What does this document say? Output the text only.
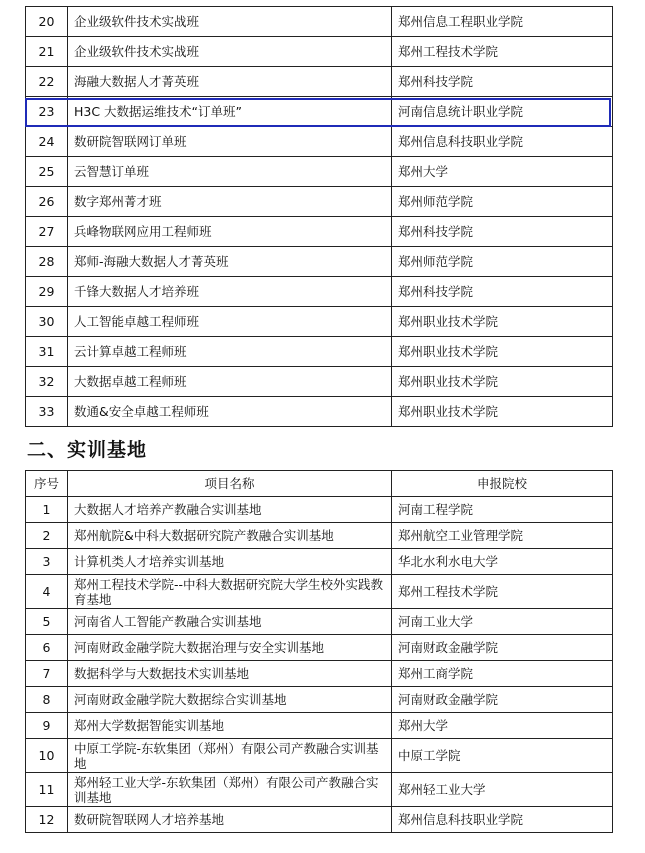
20	企业级软件技术实战班	郑州信息工程职业学院
21	企业级软件技术实战班	郑州工程技术学院
22	海融大数据人才菁英班	郑州科技学院
23	H3C 大数据运维技术“订单班”	河南信息统计职业学院
24	数研院智联网订单班	郑州信息科技职业学院
25	云智慧订单班	郑州大学
26	数字郑州菁才班	郑州师范学院
27	兵峰物联网应用工程师班	郑州科技学院
28	郑师-海融大数据人才菁英班	郑州师范学院
29	千锋大数据人才培养班	郑州科技学院
30	人工智能卓越工程师班	郑州职业技术学院
31	云计算卓越工程师班	郑州职业技术学院
32	大数据卓越工程师班	郑州职业技术学院
33	数通&安全卓越工程师班	郑州职业技术学院
二、实训基地
序号	项目名称	申报院校
1	大数据人才培养产教融合实训基地	河南工程学院
2	郑州航院&中科大数据研究院产教融合实训基地	郑州航空工业管理学院
3	计算机类人才培养实训基地	华北水利水电大学
4	郑州工程技术学院--中科大数据研究院大学生校外实践教育基地	郑州工程技术学院
5	河南省人工智能产教融合实训基地	河南工业大学
6	河南财政金融学院大数据治理与安全实训基地	河南财政金融学院
7	数据科学与大数据技术实训基地	郑州工商学院
8	河南财政金融学院大数据综合实训基地	河南财政金融学院
9	郑州大学数据智能实训基地	郑州大学
10	中原工学院-东软集团（郑州）有限公司产教融合实训基地	中原工学院
11	郑州轻工业大学-东软集团（郑州）有限公司产教融合实训基地	郑州轻工业大学
12	数研院智联网人才培养基地	郑州信息科技职业学院
